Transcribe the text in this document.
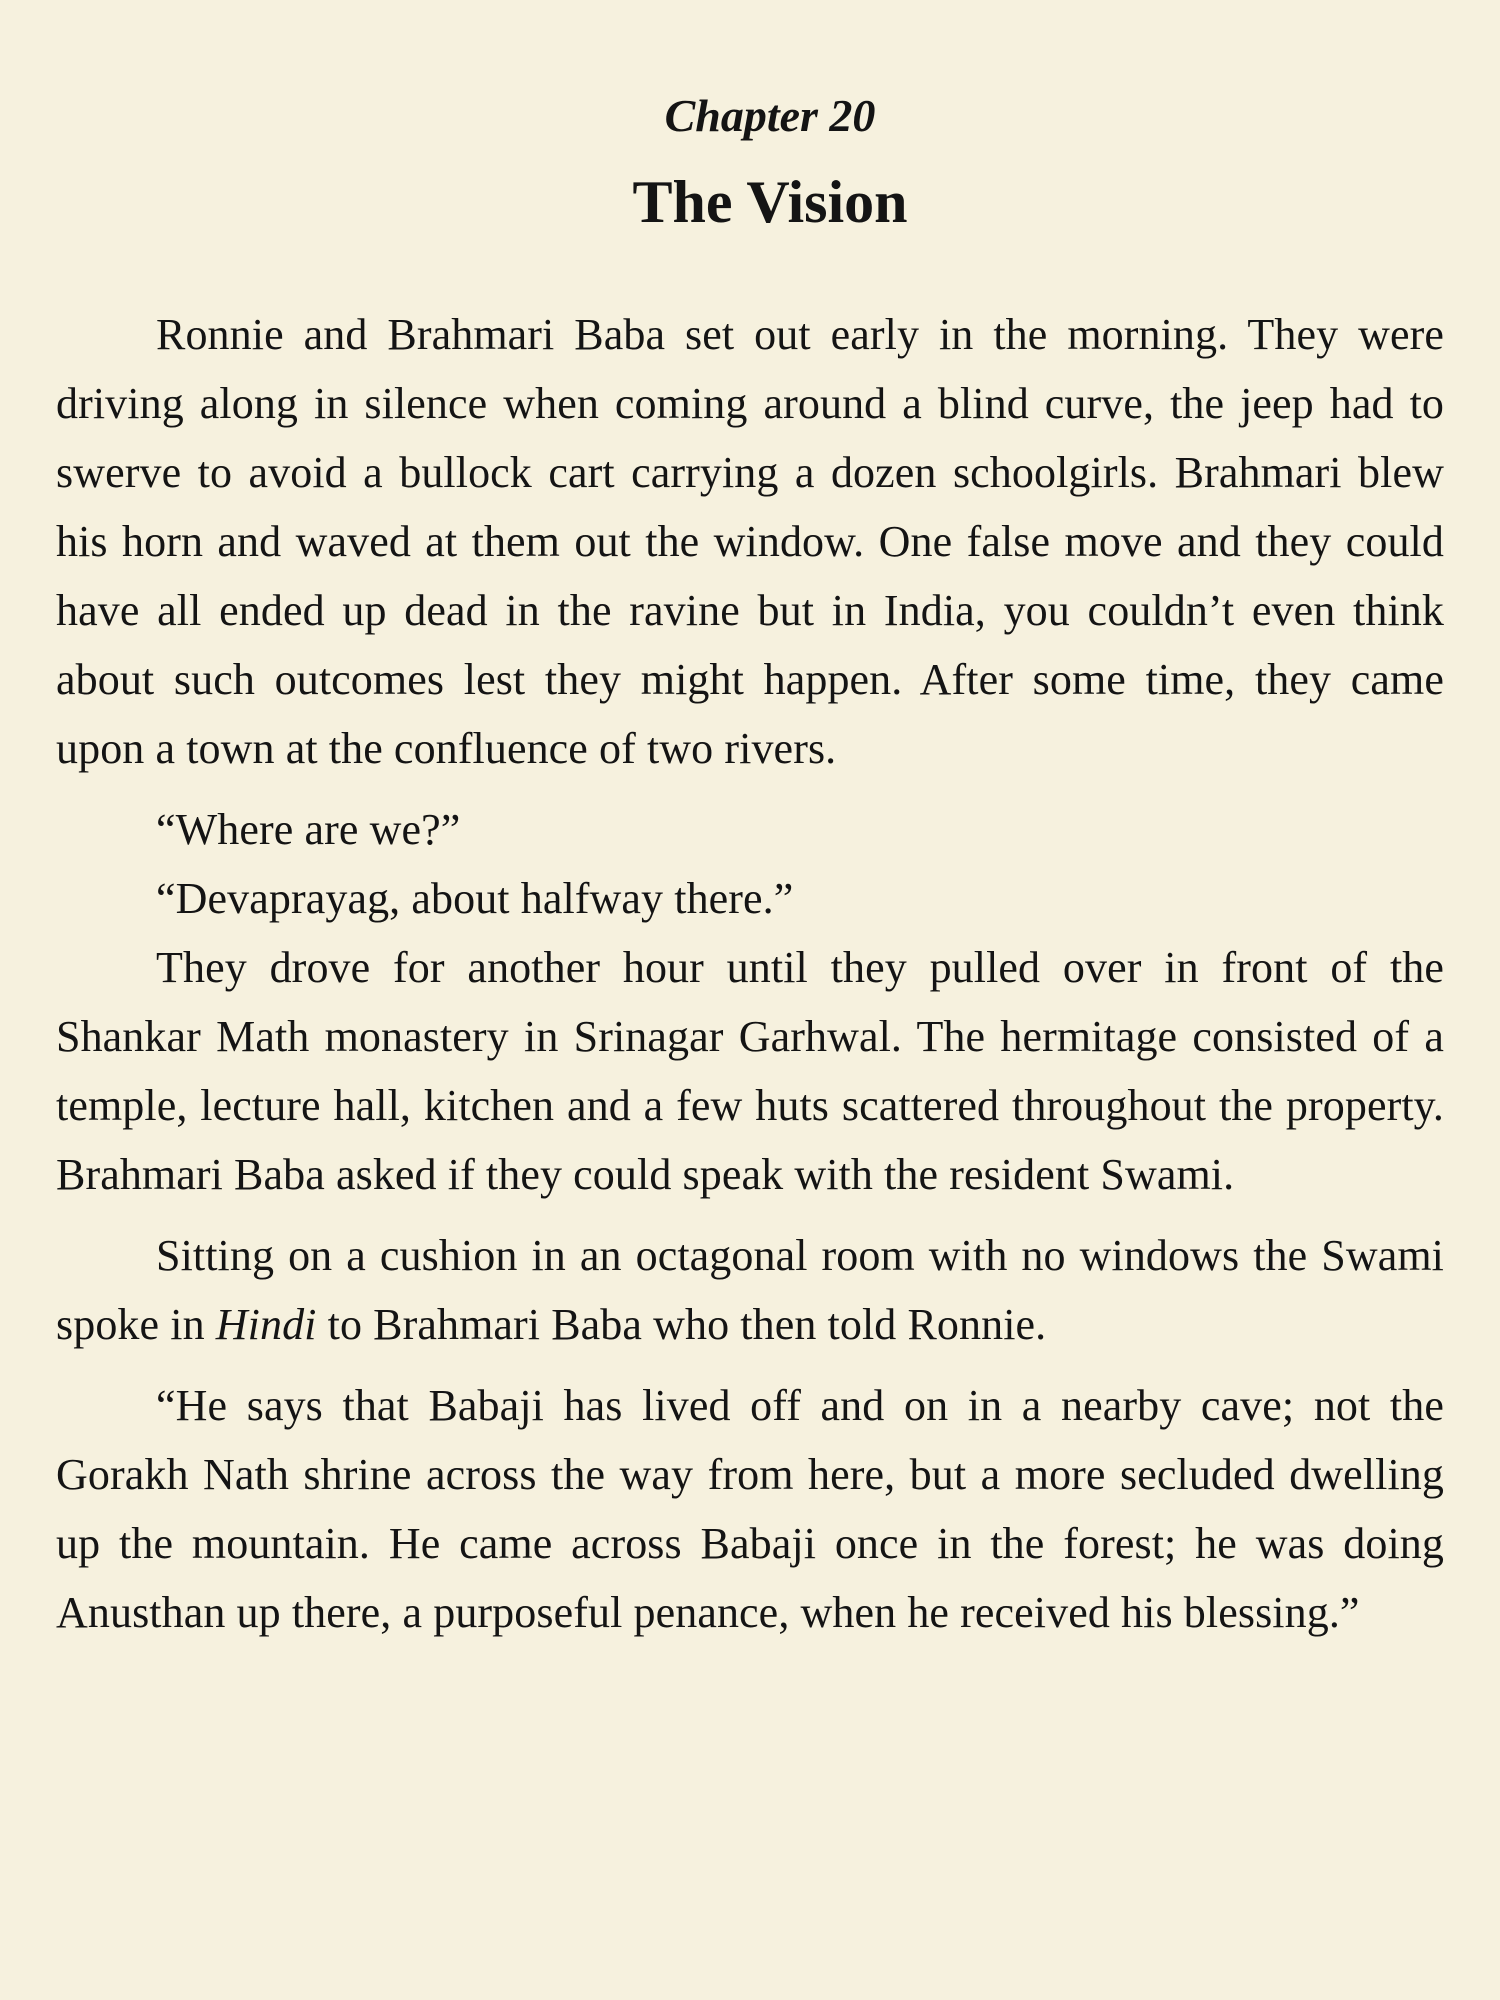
Chapter 20
The Vision

Ronnie and Brahmari Baba set out early in the morning. They were driving along in silence when coming around a blind curve, the jeep had to swerve to avoid a bullock cart carrying a dozen schoolgirls. Brahmari blew his horn and waved at them out the window. One false move and they could have all ended up dead in the ravine but in India, you couldn’t even think about such outcomes lest they might happen. After some time, they came upon a town at the confluence of two rivers.

“Where are we?”

“Devaprayag, about halfway there.”

They drove for another hour until they pulled over in front of the Shankar Math monastery in Srinagar Garhwal. The hermitage consisted of a temple, lecture hall, kitchen and a few huts scattered throughout the property. Brahmari Baba asked if they could speak with the resident Swami.

Sitting on a cushion in an octagonal room with no windows the Swami spoke in Hindi to Brahmari Baba who then told Ronnie.

“He says that Babaji has lived off and on in a nearby cave; not the Gorakh Nath shrine across the way from here, but a more secluded dwelling up the mountain. He came across Babaji once in the forest; he was doing Anusthan up there, a purposeful penance, when he received his blessing.”
